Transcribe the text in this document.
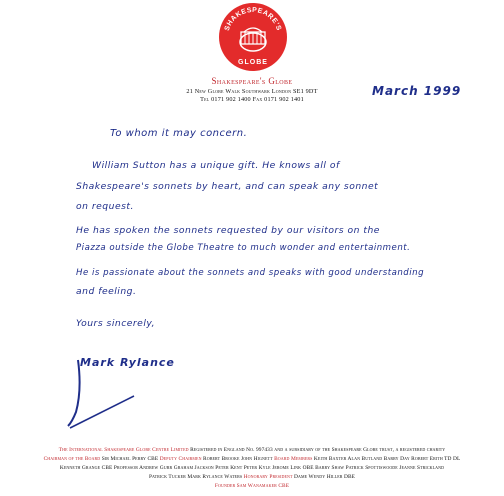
SHAKESPEARE'S
GLOBE
Shakespeare's Globe
21 New Globe Walk Southwark London SE1 9DT
Tel 0171 902 1400 Fax 0171 902 1401
March 1999
To whom it may concern.
William Sutton has a unique gift. He knows all of
Shakespeare's sonnets by heart, and can speak any sonnet
on request.
He has spoken the sonnets requested by our visitors on the
Piazza outside the Globe Theatre to much wonder and entertainment.
He is passionate about the sonnets and speaks with good understanding
and feeling.
Yours sincerely,
Mark Rylance
The International Shakespeare Globe Centre Limited Registered in England No. 997433 and a subsidiary of the Shakespeare Globe trust, a registered charity
Chairman of the Board Sir Michael Perry CBE Deputy Chairmen Robert Brooke John Hignett Board Members Keith Baxter Alan Butland Barry Day Robert Erith TD DL
Kenneth Grange CBE Professor Andrew Gurr Graham Jackson Peter Kent Peter Kyle Jerome Link OBE Barry Shaw Patrick Spottiswoode Jeanne Strickland
Patrick Tucker Mark Rylance Waters Honorary President Dame Wendy Hiller DBE
Founder Sam Wanamaker CBE
